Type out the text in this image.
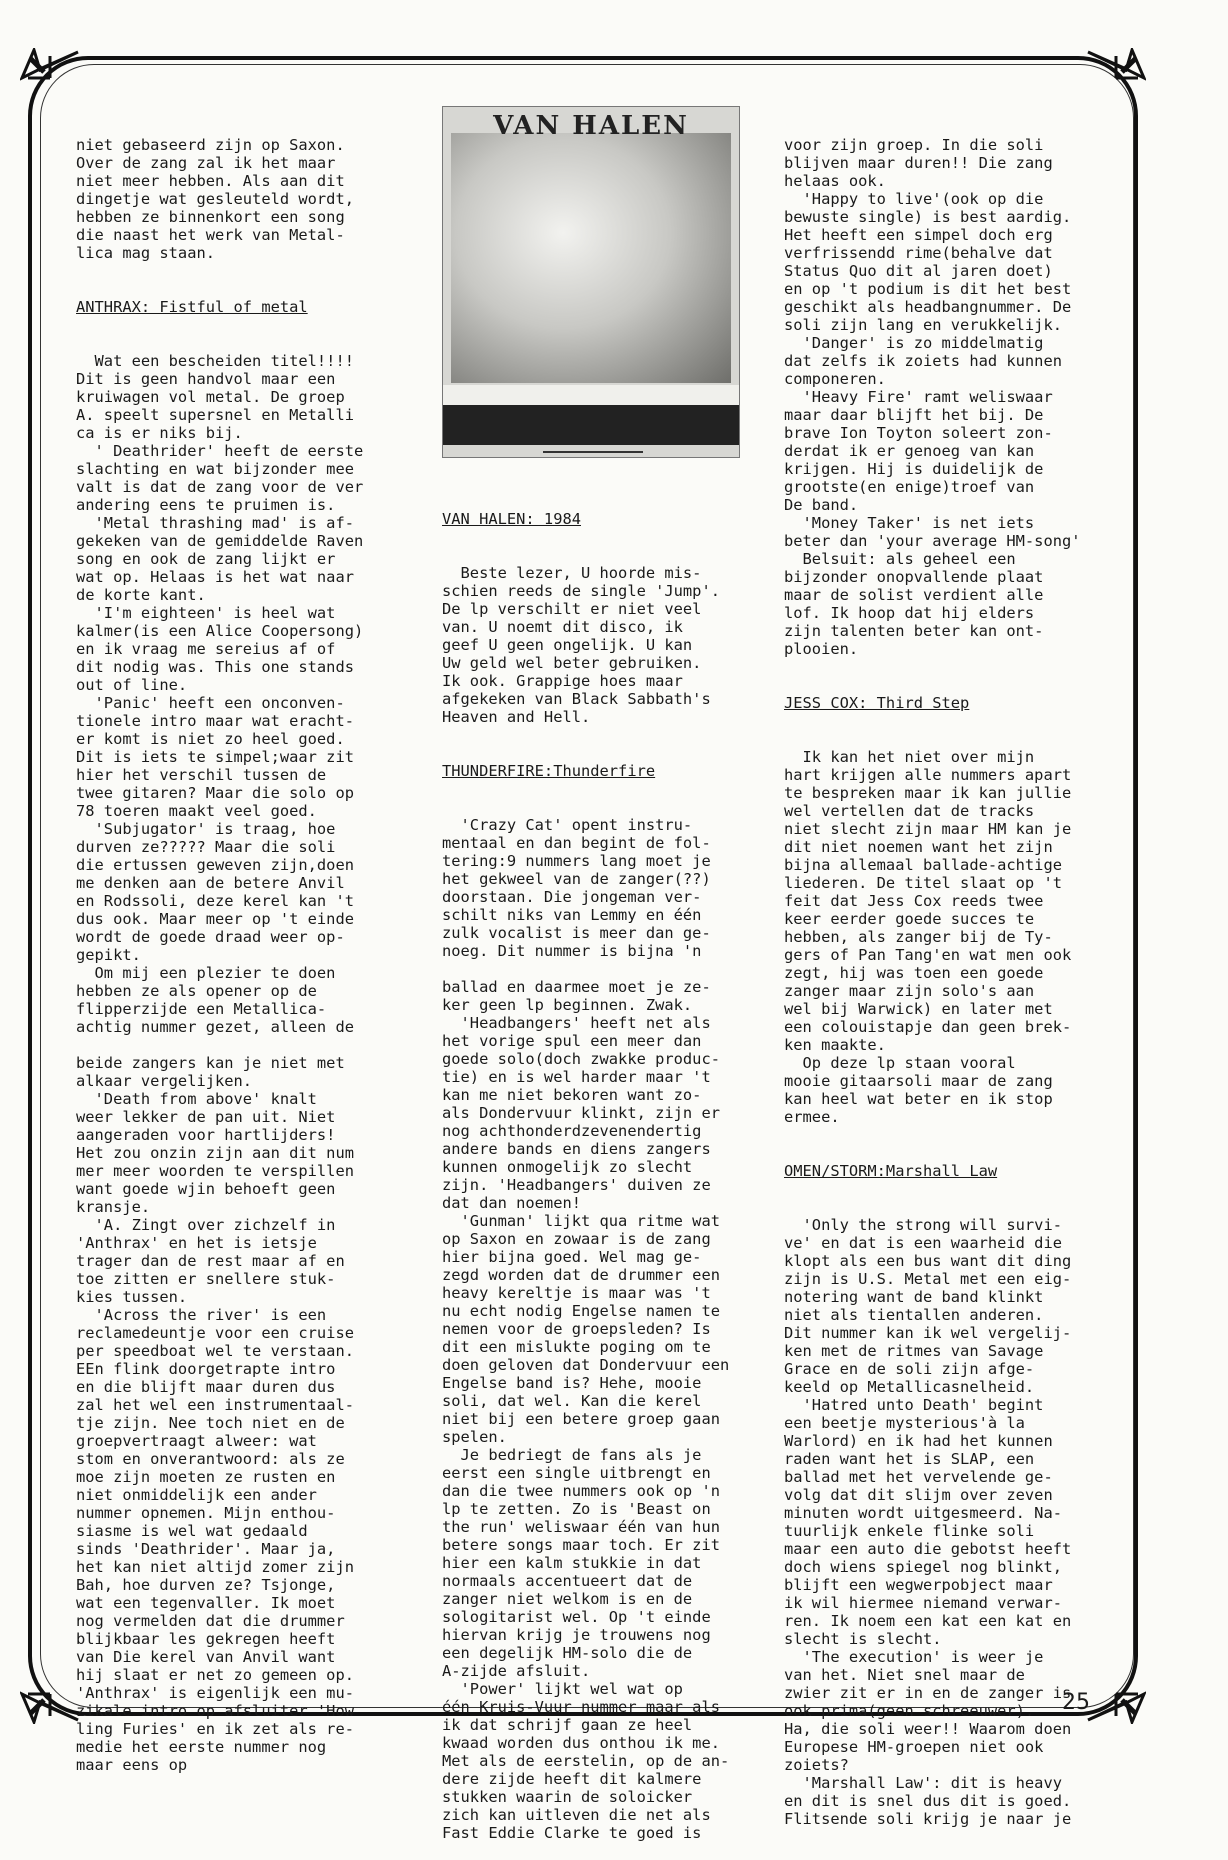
VAN HALEN

niet gebaseerd zijn op Saxon.
Over de zang zal ik het maar
niet meer hebben. Als aan dit
dingetje wat gesleuteld wordt,
hebben ze binnenkort een song
die naast het werk van Metal-
lica mag staan.

ANTHRAX: Fistful of metal

Wat een bescheiden titel!!!!
Dit is geen handvol maar een
kruiwagen vol metal. De groep
A. speelt supersnel en Metalli
ca is er niks bij.
' Deathrider' heeft de eerste
slachting en wat bijzonder mee
valt is dat de zang voor de ver
andering eens te pruimen is.
'Metal thrashing mad' is af-
gekeken van de gemiddelde Raven
song en ook de zang lijkt er
wat op. Helaas is het wat naar
de korte kant.
'I'm eighteen' is heel wat
kalmer(is een Alice Coopersong)
en ik vraag me sereius af of
dit nodig was. This one stands
out of line.
'Panic' heeft een onconven-
tionele intro maar wat eracht-
er komt is niet zo heel goed.
Dit is iets te simpel;waar zit
hier het verschil tussen de
twee gitaren? Maar die solo op
78 toeren maakt veel goed.
'Subjugator' is traag, hoe
durven ze????? Maar die soli
die ertussen geweven zijn,doen
me denken aan de betere Anvil
en Rodssoli, deze kerel kan 't
dus ook. Maar meer op 't einde
wordt de goede draad weer op-
gepikt.
Om mij een plezier te doen
hebben ze als opener op de
flipperzijde een Metallica-
achtig nummer gezet, alleen de

beide zangers kan je niet met
alkaar vergelijken.
'Death from above' knalt
weer lekker de pan uit. Niet
aangeraden voor hartlijders!
Het zou onzin zijn aan dit num
mer meer woorden te verspillen
want goede wjin behoeft geen
kransje.
'A. Zingt over zichzelf in
'Anthrax' en het is ietsje
trager dan de rest maar af en
toe zitten er snellere stuk-
kies tussen.
'Across the river' is een
reclamedeuntje voor een cruise
per speedboat wel te verstaan.
EEn flink doorgetrapte intro
en die blijft maar duren dus
zal het wel een instrumentaal-
tje zijn. Nee toch niet en de
groepvertraagt alweer: wat
stom en onverantwoord: als ze
moe zijn moeten ze rusten en
niet onmiddelijk een ander
nummer opnemen. Mijn enthou-
siasme is wel wat gedaald
sinds 'Deathrider'. Maar ja,
het kan niet altijd zomer zijn
Bah, hoe durven ze? Tsjonge,
wat een tegenvaller. Ik moet
nog vermelden dat die drummer
blijkbaar les gekregen heeft
van Die kerel van Anvil want
hij slaat er net zo gemeen op.
'Anthrax' is eigenlijk een mu-
zikale intro op afsluiter 'How
ling Furies' en ik zet als re-
medie het eerste nummer nog
maar eens op

VAN HALEN: 1984

Beste lezer, U hoorde mis-
schien reeds de single 'Jump'.
De lp verschilt er niet veel
van. U noemt dit disco, ik
geef U geen ongelijk. U kan
Uw geld wel beter gebruiken.
Ik ook. Grappige hoes maar
afgekeken van Black Sabbath's
Heaven and Hell.

THUNDERFIRE:Thunderfire

'Crazy Cat' opent instru-
mentaal en dan begint de fol-
tering:9 nummers lang moet je
het gekweel van de zanger(??)
doorstaan. Die jongeman ver-
schilt niks van Lemmy en één
zulk vocalist is meer dan ge-
noeg. Dit nummer is bijna 'n

ballad en daarmee moet je ze-
ker geen lp beginnen. Zwak.
'Headbangers' heeft net als
het vorige spul een meer dan
goede solo(doch zwakke produc-
tie) en is wel harder maar 't
kan me niet bekoren want zo-
als Dondervuur klinkt, zijn er
nog achthonderdzevenendertig
andere bands en diens zangers
kunnen onmogelijk zo slecht
zijn. 'Headbangers' duiven ze
dat dan noemen!
'Gunman' lijkt qua ritme wat
op Saxon en zowaar is de zang
hier bijna goed. Wel mag ge-
zegd worden dat de drummer een
heavy kereltje is maar was 't
nu echt nodig Engelse namen te
nemen voor de groepsleden? Is
dit een mislukte poging om te
doen geloven dat Dondervuur een
Engelse band is? Hehe, mooie
soli, dat wel. Kan die kerel
niet bij een betere groep gaan
spelen.
Je bedriegt de fans als je
eerst een single uitbrengt en
dan die twee nummers ook op 'n
lp te zetten. Zo is 'Beast on
the run' weliswaar één van hun
betere songs maar toch. Er zit
hier een kalm stukkie in dat
normaals accentueert dat de
zanger niet welkom is en de
sologitarist wel. Op 't einde
hiervan krijg je trouwens nog
een degelijk HM-solo die de
A-zijde afsluit.
'Power' lijkt wel wat op
één Kruis-Vuur nummer maar als
ik dat schrijf gaan ze heel
kwaad worden dus onthou ik me.
Met als de eerstelin, op de an-
dere zijde heeft dit kalmere
stukken waarin de soloicker
zich kan uitleven die net als
Fast Eddie Clarke te goed is

voor zijn groep. In die soli
blijven maar duren!! Die zang
helaas ook.
'Happy to live'(ook op die
bewuste single) is best aardig.
Het heeft een simpel doch erg
verfrissendd rime(behalve dat
Status Quo dit al jaren doet)
en op 't podium is dit het best
geschikt als headbangnummer. De
soli zijn lang en verukkelijk.
'Danger' is zo middelmatig
dat zelfs ik zoiets had kunnen
componeren.
'Heavy Fire' ramt weliswaar
maar daar blijft het bij. De
brave Ion Toyton soleert zon-
derdat ik er genoeg van kan
krijgen. Hij is duidelijk de
grootste(en enige)troef van
De band.
'Money Taker' is net iets
beter dan 'your average HM-song'
Belsuit: als geheel een
bijzonder onopvallende plaat
maar de solist verdient alle
lof. Ik hoop dat hij elders
zijn talenten beter kan ont-
plooien.

JESS COX: Third Step

Ik kan het niet over mijn
hart krijgen alle nummers apart
te bespreken maar ik kan jullie
wel vertellen dat de tracks
niet slecht zijn maar HM kan je
dit niet noemen want het zijn
bijna allemaal ballade-achtige
liederen. De titel slaat op 't
feit dat Jess Cox reeds twee
keer eerder goede succes te
hebben, als zanger bij de Ty-
gers of Pan Tang'en wat men ook
zegt, hij was toen een goede
zanger maar zijn solo's aan
wel bij Warwick) en later met
een colouistapje dan geen brek-
ken maakte.
Op deze lp staan vooral
mooie gitaarsoli maar de zang
kan heel wat beter en ik stop
ermee.

OMEN/STORM:Marshall Law

'Only the strong will survi-
ve' en dat is een waarheid die
klopt als een bus want dit ding
zijn is U.S. Metal met een eig-
notering want de band klinkt
niet als tientallen anderen.
Dit nummer kan ik wel vergelij-
ken met de ritmes van Savage
Grace en de soli zijn afge-
keeld op Metallicasnelheid.
'Hatred unto Death' begint
een beetje mysterious'à la
Warlord) en ik had het kunnen
raden want het is SLAP, een
ballad met het vervelende ge-
volg dat dit slijm over zeven
minuten wordt uitgesmeerd. Na-
tuurlijk enkele flinke soli
maar een auto die gebotst heeft
doch wiens spiegel nog blinkt,
blijft een wegwerpobject maar
ik wil hiermee niemand verwar-
ren. Ik noem een kat een kat en
slecht is slecht.
'The execution' is weer je
van het. Niet snel maar de
zwier zit er in en de zanger is
ook prima(geen schreeuwer).
Ha, die soli weer!! Waarom doen
Europese HM-groepen niet ook
zoiets?
'Marshall Law': dit is heavy
en dit is snel dus dit is goed.
Flitsende soli krijg je naar je

25
